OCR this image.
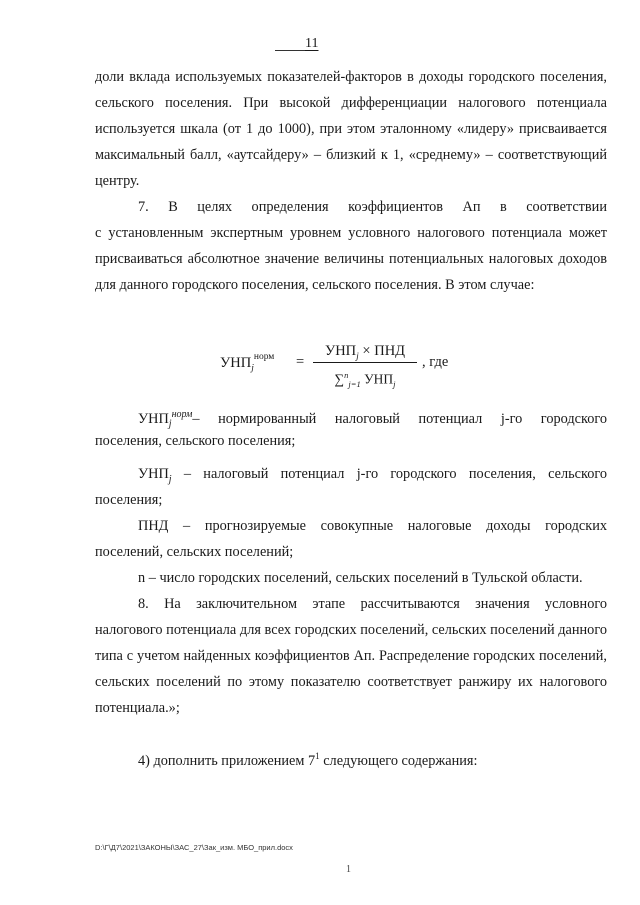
11

доли вклада используемых показателей-факторов в доходы городского поселения, сельского поселения. При высокой дифференциации налогового потенциала используется шкала (от 1 до 1000), при этом эталонному «лидеру» присваивается максимальный балл, «аутсайдеру» – близкий к 1, «среднему» – соответствующий центру.

7. В целях определения коэффициентов Aп в соответствии

с установленным экспертным уровнем условного налогового потенциала может присваиваться абсолютное значение величины потенциальных налоговых доходов для данного городского поселения, сельского поселения. В этом случае:

$УНП_j^{норм}$ =
$УНП_j$ × ПНД
∑$^n_{j=1}$ $УНП_j$
, где

$УНП_j^{норм}-$ нормированный налоговый потенциал j-го городского

поселения, сельского поселения;

$УНП_j$ – налоговый потенциал j-го городского поселения, сельского

поселения;

ПНД – прогнозируемые совокупные налоговые доходы городских

поселений, сельских поселений;

n – число городских поселений, сельских поселений в Тульской области.

8. На заключительном этапе рассчитываются значения условного

налогового потенциала для всех городских поселений, сельских поселений данного типа с учетом найденных коэффициентов Aп. Распределение городских поселений, сельских поселений по этому показателю соответствует ранжиру их налогового потенциала.»;

4) дополнить приложением $7^1$ следующего содержания:

D:\Г\Д7\2021\ЗАКОНЫ\ЗАС_27\Зак_изм. МБО_прил.docx
1
